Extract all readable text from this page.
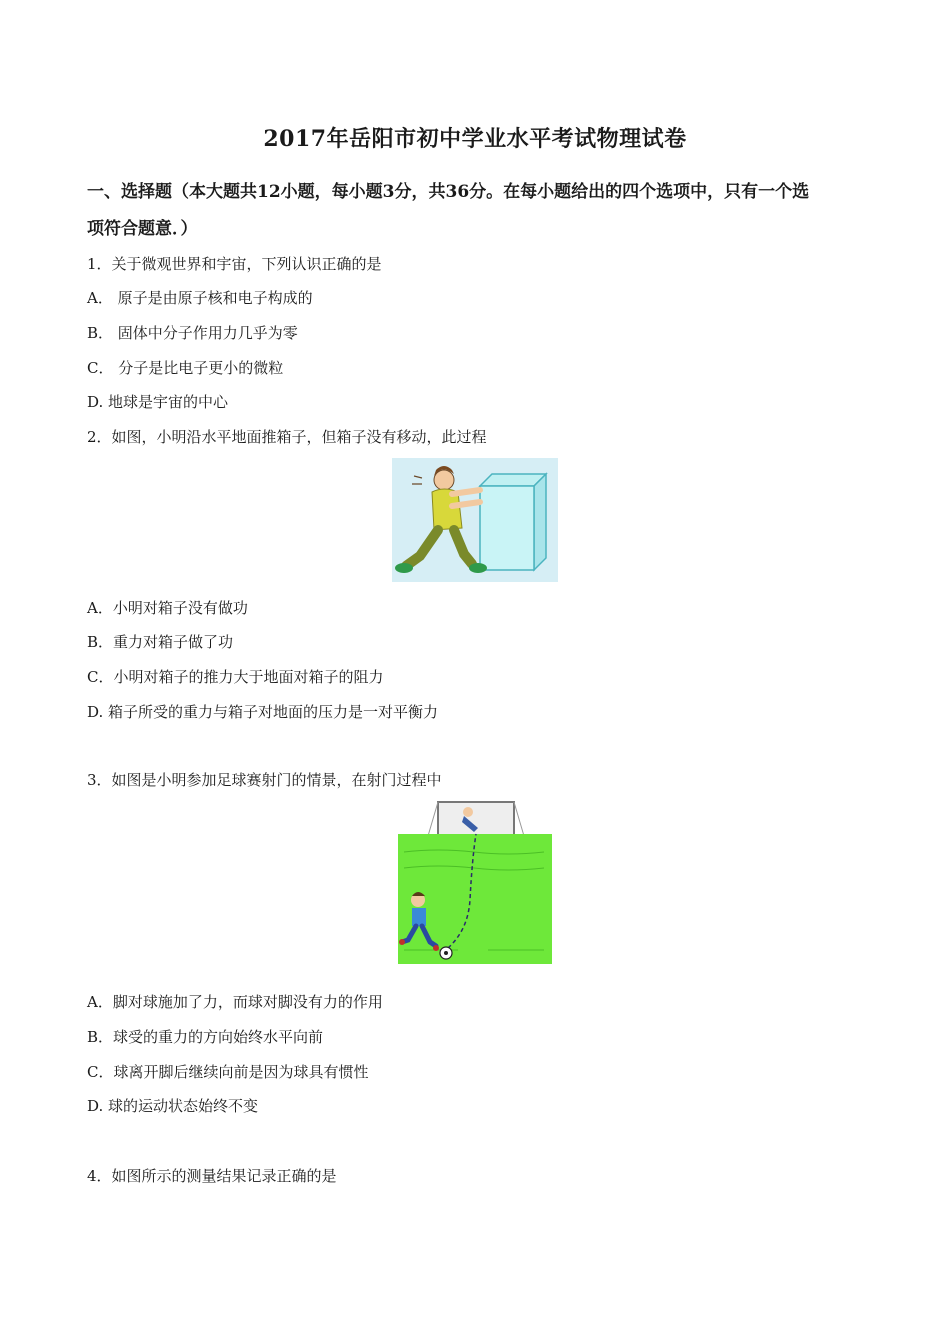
2017年岳阳市初中学业水平考试物理试卷
一、选择题（本大题共12小题，每小题3分，共36分。在每小题给出的四个选项中，只有一个选
项符合题意．）
1．关于微观世界和宇宙，下列认识正确的是
A． 原子是由原子核和电子构成的
B． 固体中分子作用力几乎为零
C． 分子是比电子更小的微粒
D. 地球是宇宙的中心
2．如图，小明沿水平地面推箱子，但箱子没有移动，此过程
A．小明对箱子没有做功
B．重力对箱子做了功
C．小明对箱子的推力大于地面对箱子的阻力
D. 箱子所受的重力与箱子对地面的压力是一对平衡力
3．如图是小明参加足球赛射门的情景，在射门过程中
A．脚对球施加了力，而球对脚没有力的作用
B．球受的重力的方向始终水平向前
C．球离开脚后继续向前是因为球具有惯性
D. 球的运动状态始终不变
4．如图所示的测量结果记录正确的是
